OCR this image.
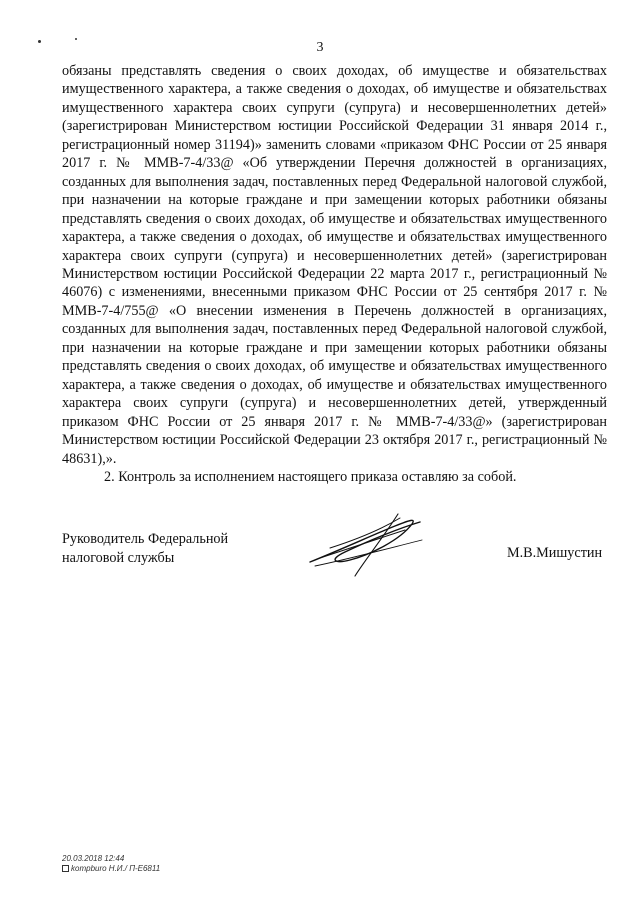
3

обязаны представлять сведения о своих доходах, об имуществе и обязательствах имущественного характера, а также сведения о доходах, об имуществе и обязательствах имущественного характера своих супруги (супруга) и несовершеннолетних детей» (зарегистрирован Министерством юстиции Российской Федерации 31 января 2014 г., регистрационный номер 31194)» заменить словами «приказом ФНС России от 25 января 2017 г. № ММВ-7-4/33@ «Об утверждении Перечня должностей в организациях, созданных для выполнения задач, поставленных перед Федеральной налоговой службой, при назначении на которые граждане и при замещении которых работники обязаны представлять сведения о своих доходах, об имуществе и обязательствах имущественного характера, а также сведения о доходах, об имуществе и обязательствах имущественного характера своих супруги (супруга) и несовершеннолетних детей» (зарегистрирован Министерством юстиции Российской Федерации 22 марта 2017 г., регистрационный № 46076) с изменениями, внесенными приказом ФНС России от 25 сентября 2017 г. № ММВ-7-4/755@ «О внесении изменения в Перечень должностей в организациях, созданных для выполнения задач, поставленных перед Федеральной налоговой службой, при назначении на которые граждане и при замещении которых работники обязаны представлять сведения о своих доходах, об имуществе и обязательствах имущественного характера, а также сведения о доходах, об имуществе и обязательствах имущественного характера своих супруги (супруга) и несовершеннолетних детей, утвержденный приказом ФНС России от 25 января 2017 г. № ММВ-7-4/33@» (зарегистрирован Министерством юстиции Российской Федерации 23 октября 2017 г., регистрационный № 48631),».

2. Контроль за исполнением настоящего приказа оставляю за собой.

Руководитель Федеральной
налоговой службы	М.В.Мишустин
20.03.2018 12:44
kompburo Н.И./ П-Е6811
